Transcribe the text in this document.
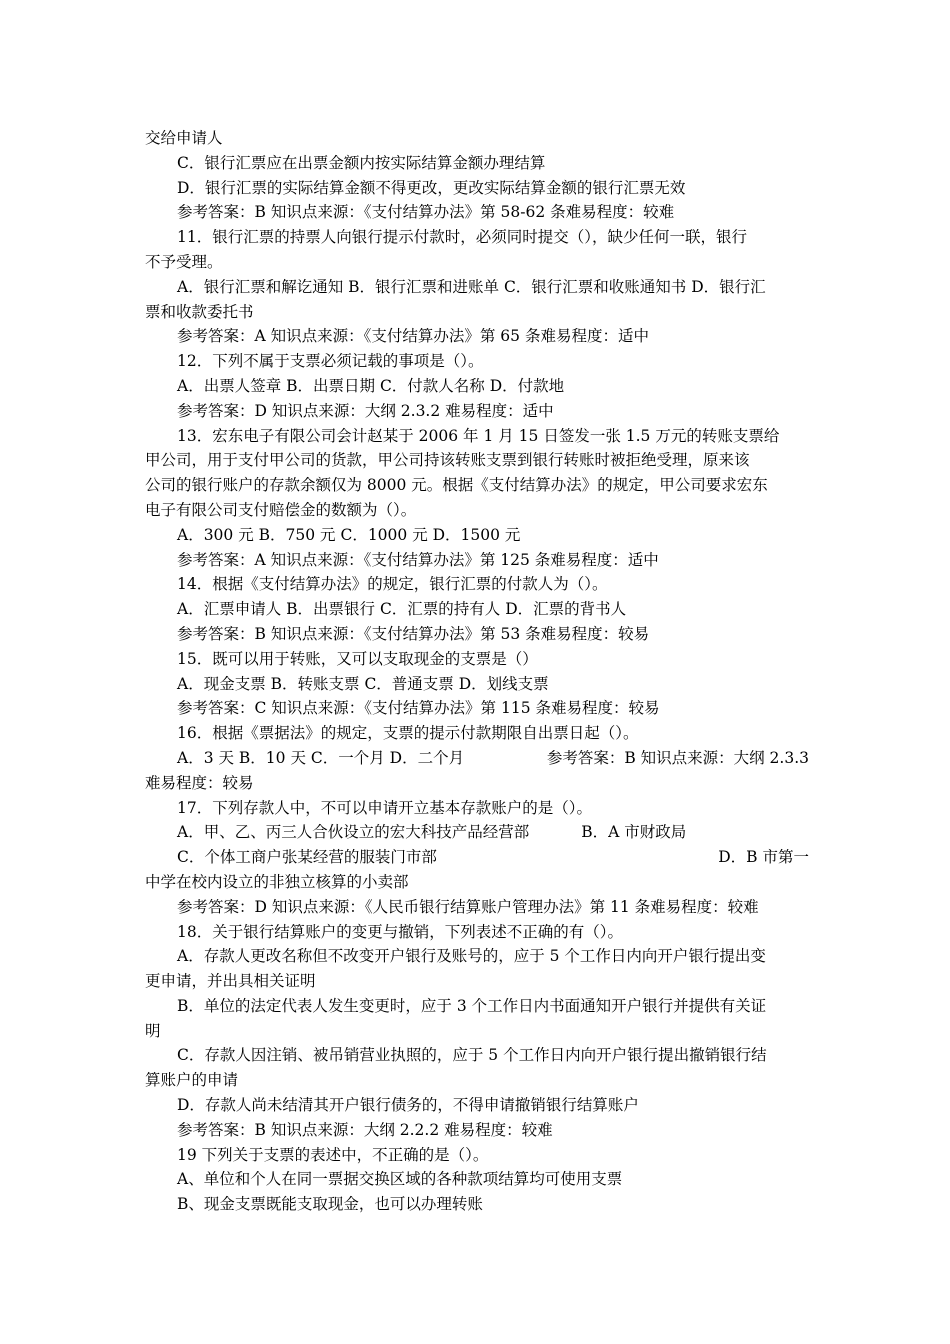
交给申请人
C．银行汇票应在出票金额内按实际结算金额办理结算
D．银行汇票的实际结算金额不得更改，更改实际结算金额的银行汇票无效
参考答案：B 知识点来源：《支付结算办法》第 58-62 条难易程度：较难
11．银行汇票的持票人向银行提示付款时，必须同时提交（），缺少任何一联，银行
不予受理。
A．银行汇票和解讫通知 B．银行汇票和进账单 C．银行汇票和收账通知书 D．银行汇
票和收款委托书
参考答案：A 知识点来源：《支付结算办法》第 65 条难易程度：适中
12．下列不属于支票必须记载的事项是（）。
A．出票人签章 B．出票日期 C．付款人名称 D．付款地
参考答案：D 知识点来源：大纲 2.3.2 难易程度：适中
13．宏东电子有限公司会计赵某于 2006 年 1 月 15 日签发一张 1.5 万元的转账支票给
甲公司，用于支付甲公司的货款，甲公司持该转账支票到银行转账时被拒绝受理，原来该
公司的银行账户的存款余额仅为 8000 元。根据《支付结算办法》的规定，甲公司要求宏东
电子有限公司支付赔偿金的数额为（）。
A．300 元 B．750 元 C．1000 元 D．1500 元
参考答案：A 知识点来源：《支付结算办法》第 125 条难易程度：适中
14．根据《支付结算办法》的规定，银行汇票的付款人为（）。
A．汇票申请人 B．出票银行 C．汇票的持有人 D．汇票的背书人
参考答案：B 知识点来源：《支付结算办法》第 53 条难易程度：较易
15．既可以用于转账，又可以支取现金的支票是（）
A．现金支票 B．转账支票 C．普通支票 D．划线支票
参考答案：C 知识点来源：《支付结算办法》第 115 条难易程度：较易
16．根据《票据法》的规定，支票的提示付款期限自出票日起（）。
A．3 天 B．10 天 C．一个月 D．二个月	参考答案：B 知识点来源：大纲 2.3.3
难易程度：较易
17．下列存款人中，不可以申请开立基本存款账户的是（）。
A．甲、乙、丙三人合伙设立的宏大科技产品经营部	B．A 市财政局
C．个体工商户张某经营的服装门市部	D．B 市第一
中学在校内设立的非独立核算的小卖部
参考答案：D 知识点来源：《人民币银行结算账户管理办法》第 11 条难易程度：较难
18．关于银行结算账户的变更与撤销，下列表述不正确的有（）。
A．存款人更改名称但不改变开户银行及账号的，应于 5 个工作日内向开户银行提出变
更申请，并出具相关证明
B．单位的法定代表人发生变更时，应于 3 个工作日内书面通知开户银行并提供有关证
明
C．存款人因注销、被吊销营业执照的，应于 5 个工作日内向开户银行提出撤销银行结
算账户的申请
D．存款人尚未结清其开户银行债务的，不得申请撤销银行结算账户
参考答案：B 知识点来源：大纲 2.2.2 难易程度：较难
19 下列关于支票的表述中，不正确的是（）。
A、单位和个人在同一票据交换区域的各种款项结算均可使用支票
B、现金支票既能支取现金，也可以办理转账
